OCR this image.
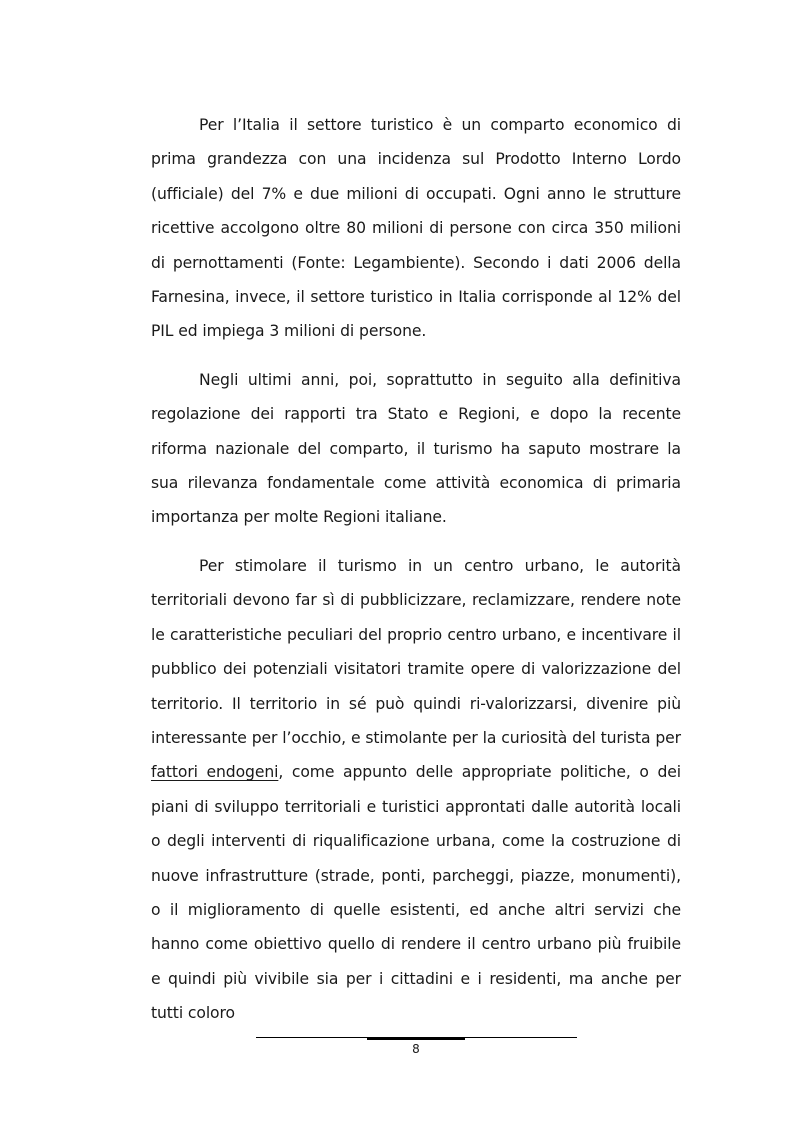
Per l’Italia il settore turistico è un comparto economico di prima grandezza con una incidenza sul Prodotto Interno Lordo (ufficiale) del 7% e due milioni di occupati. Ogni anno le strutture ricettive accolgono oltre 80 milioni di persone con circa 350 milioni di pernottamenti (Fonte: Legambiente). Secondo i dati 2006 della Farnesina, invece, il settore turistico in Italia corrisponde al 12% del PIL ed impiega 3 milioni di persone.

Negli ultimi anni, poi, soprattutto in seguito alla definitiva regolazione dei rapporti tra Stato e Regioni, e dopo la recente riforma nazionale del comparto, il turismo ha saputo mostrare la sua rilevanza fondamentale come attività economica di primaria importanza per molte Regioni italiane.

Per stimolare il turismo in un centro urbano, le autorità territoriali devono far sì di pubblicizzare, reclamizzare, rendere note le caratteristiche peculiari del proprio centro urbano, e incentivare il pubblico dei potenziali visitatori tramite opere di valorizzazione del territorio. Il territorio in sé può quindi ri-valorizzarsi, divenire più interessante per l’occhio, e stimolante per la curiosità del turista per fattori endogeni, come appunto delle appropriate politiche, o dei piani di sviluppo territoriali e turistici approntati dalle autorità locali o degli interventi di riqualificazione urbana, come la costruzione di nuove infrastrutture (strade, ponti, parcheggi, piazze, monumenti), o il miglioramento di quelle esistenti, ed anche altri servizi che hanno come obiettivo quello di rendere il centro urbano più fruibile e quindi più vivibile sia per i cittadini e i residenti, ma anche per tutti coloro

8
